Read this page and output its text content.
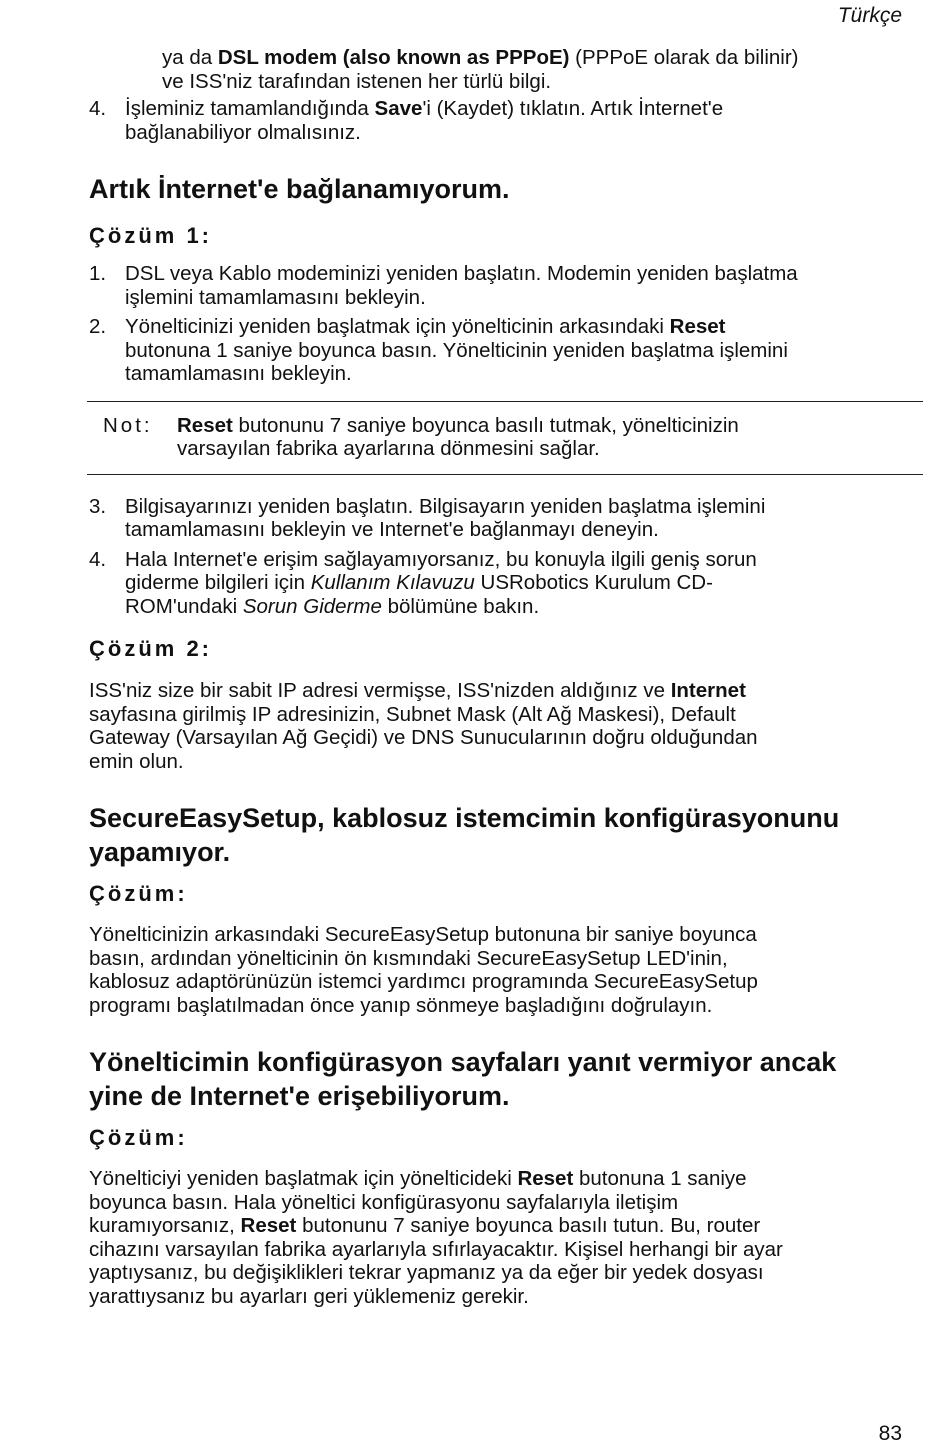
Türkçe
ya da DSL modem (also known as PPPoE) (PPPoE olarak da bilinir)
ve ISS'niz tarafından istenen her türlü bilgi.
4. İşleminiz tamamlandığında Save'i (Kaydet) tıklatın. Artık İnternet'e
bağlanabiliyor olmalısınız.
Artık İnternet'e bağlanamıyorum.
Çözüm 1:
1. DSL veya Kablo modeminizi yeniden başlatın. Modemin yeniden başlatma
işlemini tamamlamasını bekleyin.
2. Yönelticinizi yeniden başlatmak için yönelticinin arkasındaki Reset
butonuna 1 saniye boyunca basın. Yönelticinin yeniden başlatma işlemini
tamamlamasını bekleyin.
Not:	Reset butonunu 7 saniye boyunca basılı tutmak, yönelticinizin
varsayılan fabrika ayarlarına dönmesini sağlar.
3. Bilgisayarınızı yeniden başlatın. Bilgisayarın yeniden başlatma işlemini
tamamlamasını bekleyin ve Internet'e bağlanmayı deneyin.
4. Hala Internet'e erişim sağlayamıyorsanız, bu konuyla ilgili geniş sorun
giderme bilgileri için Kullanım Kılavuzu USRobotics Kurulum CD-
ROM'undaki Sorun Giderme bölümüne bakın.
Çözüm 2:
ISS'niz size bir sabit IP adresi vermişse, ISS'nizden aldığınız ve Internet
sayfasına girilmiş IP adresinizin, Subnet Mask (Alt Ağ Maskesi), Default
Gateway (Varsayılan Ağ Geçidi) ve DNS Sunucularının doğru olduğundan
emin olun.
SecureEasySetup, kablosuz istemcimin konfigürasyonunu
yapamıyor.
Çözüm:
Yönelticinizin arkasındaki SecureEasySetup butonuna bir saniye boyunca
basın, ardından yönelticinin ön kısmındaki SecureEasySetup LED'inin,
kablosuz adaptörünüzün istemci yardımcı programında SecureEasySetup
programı başlatılmadan önce yanıp sönmeye başladığını doğrulayın.
Yönelticimin konfigürasyon sayfaları yanıt vermiyor ancak
yine de Internet'e erişebiliyorum.
Çözüm:
Yönelticiyi yeniden başlatmak için yönelticideki Reset butonuna 1 saniye
boyunca basın. Hala yöneltici konfigürasyonu sayfalarıyla iletişim
kuramıyorsanız, Reset butonunu 7 saniye boyunca basılı tutun. Bu, router
cihazını varsayılan fabrika ayarlarıyla sıfırlayacaktır. Kişisel herhangi bir ayar
yaptıysanız, bu değişiklikleri tekrar yapmanız ya da eğer bir yedek dosyası
yarattıysanız bu ayarları geri yüklemeniz gerekir.
83
